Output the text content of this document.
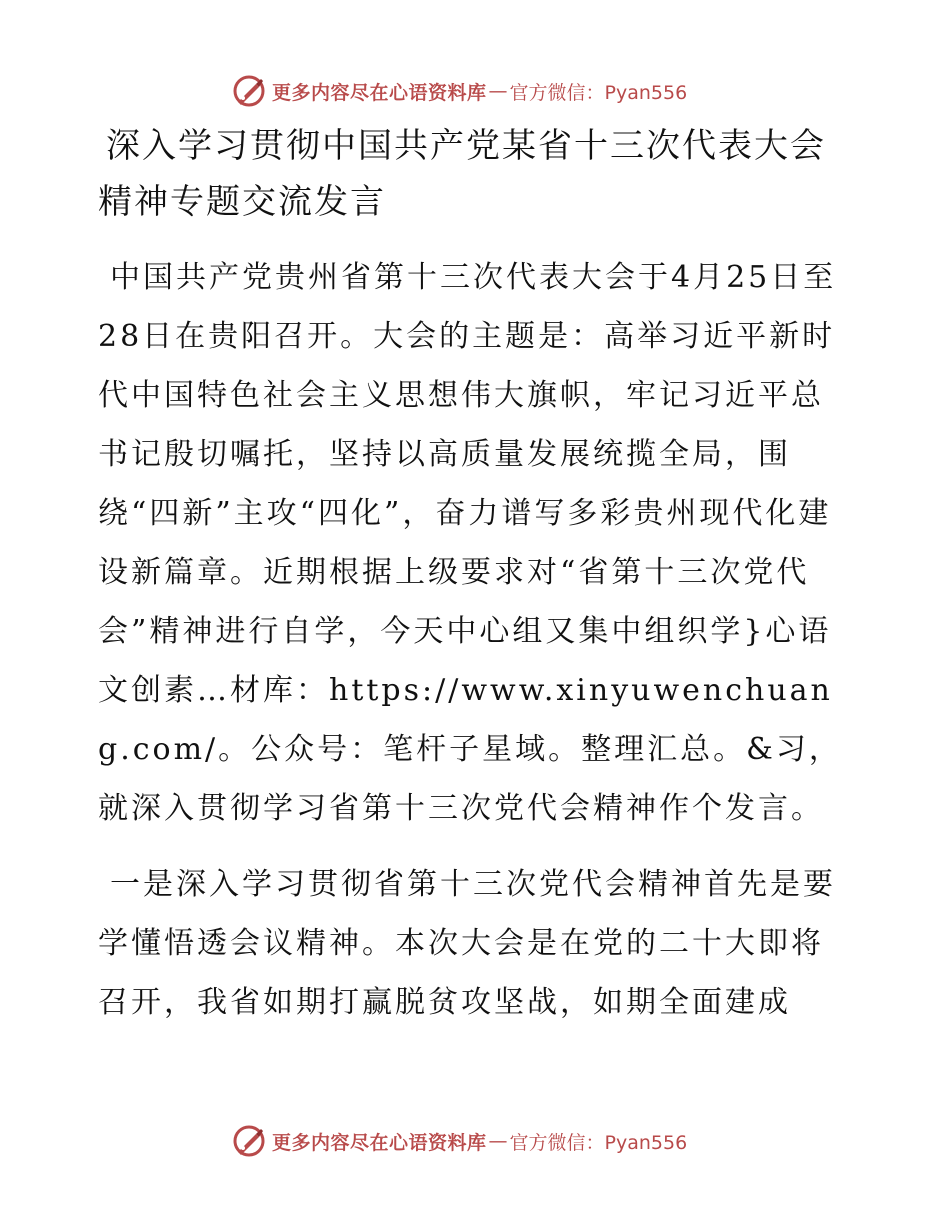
更多内容尽在心语资料库 — 官方微信：Pyan556
深入学习贯彻中国共产党某省十三次代表大会精神专题交流发言

中国共产党贵州省第十三次代表大会于4月25日至28日在贵阳召开。大会的主题是：高举习近平新时代中国特色社会主义思想伟大旗帜，牢记习近平总书记殷切嘱托，坚持以高质量发展统揽全局，围绕“四新”主攻“四化”，奋力谱写多彩贵州现代化建设新篇章。近期根据上级要求对“省第十三次党代会”精神进行自学，今天中心组又集中组织学}心语文创素…材库：https://www.xinyuwenchuang.com/。公众号：笔杆子星域。整理汇总。&习，就深入贯彻学习省第十三次党代会精神作个发言。

一是深入学习贯彻省第十三次党代会精神首先是要学懂悟透会议精神。本次大会是在党的二十大即将召开，我省如期打赢脱贫攻坚战，如期全面建成

更多内容尽在心语资料库 — 官方微信：Pyan556
